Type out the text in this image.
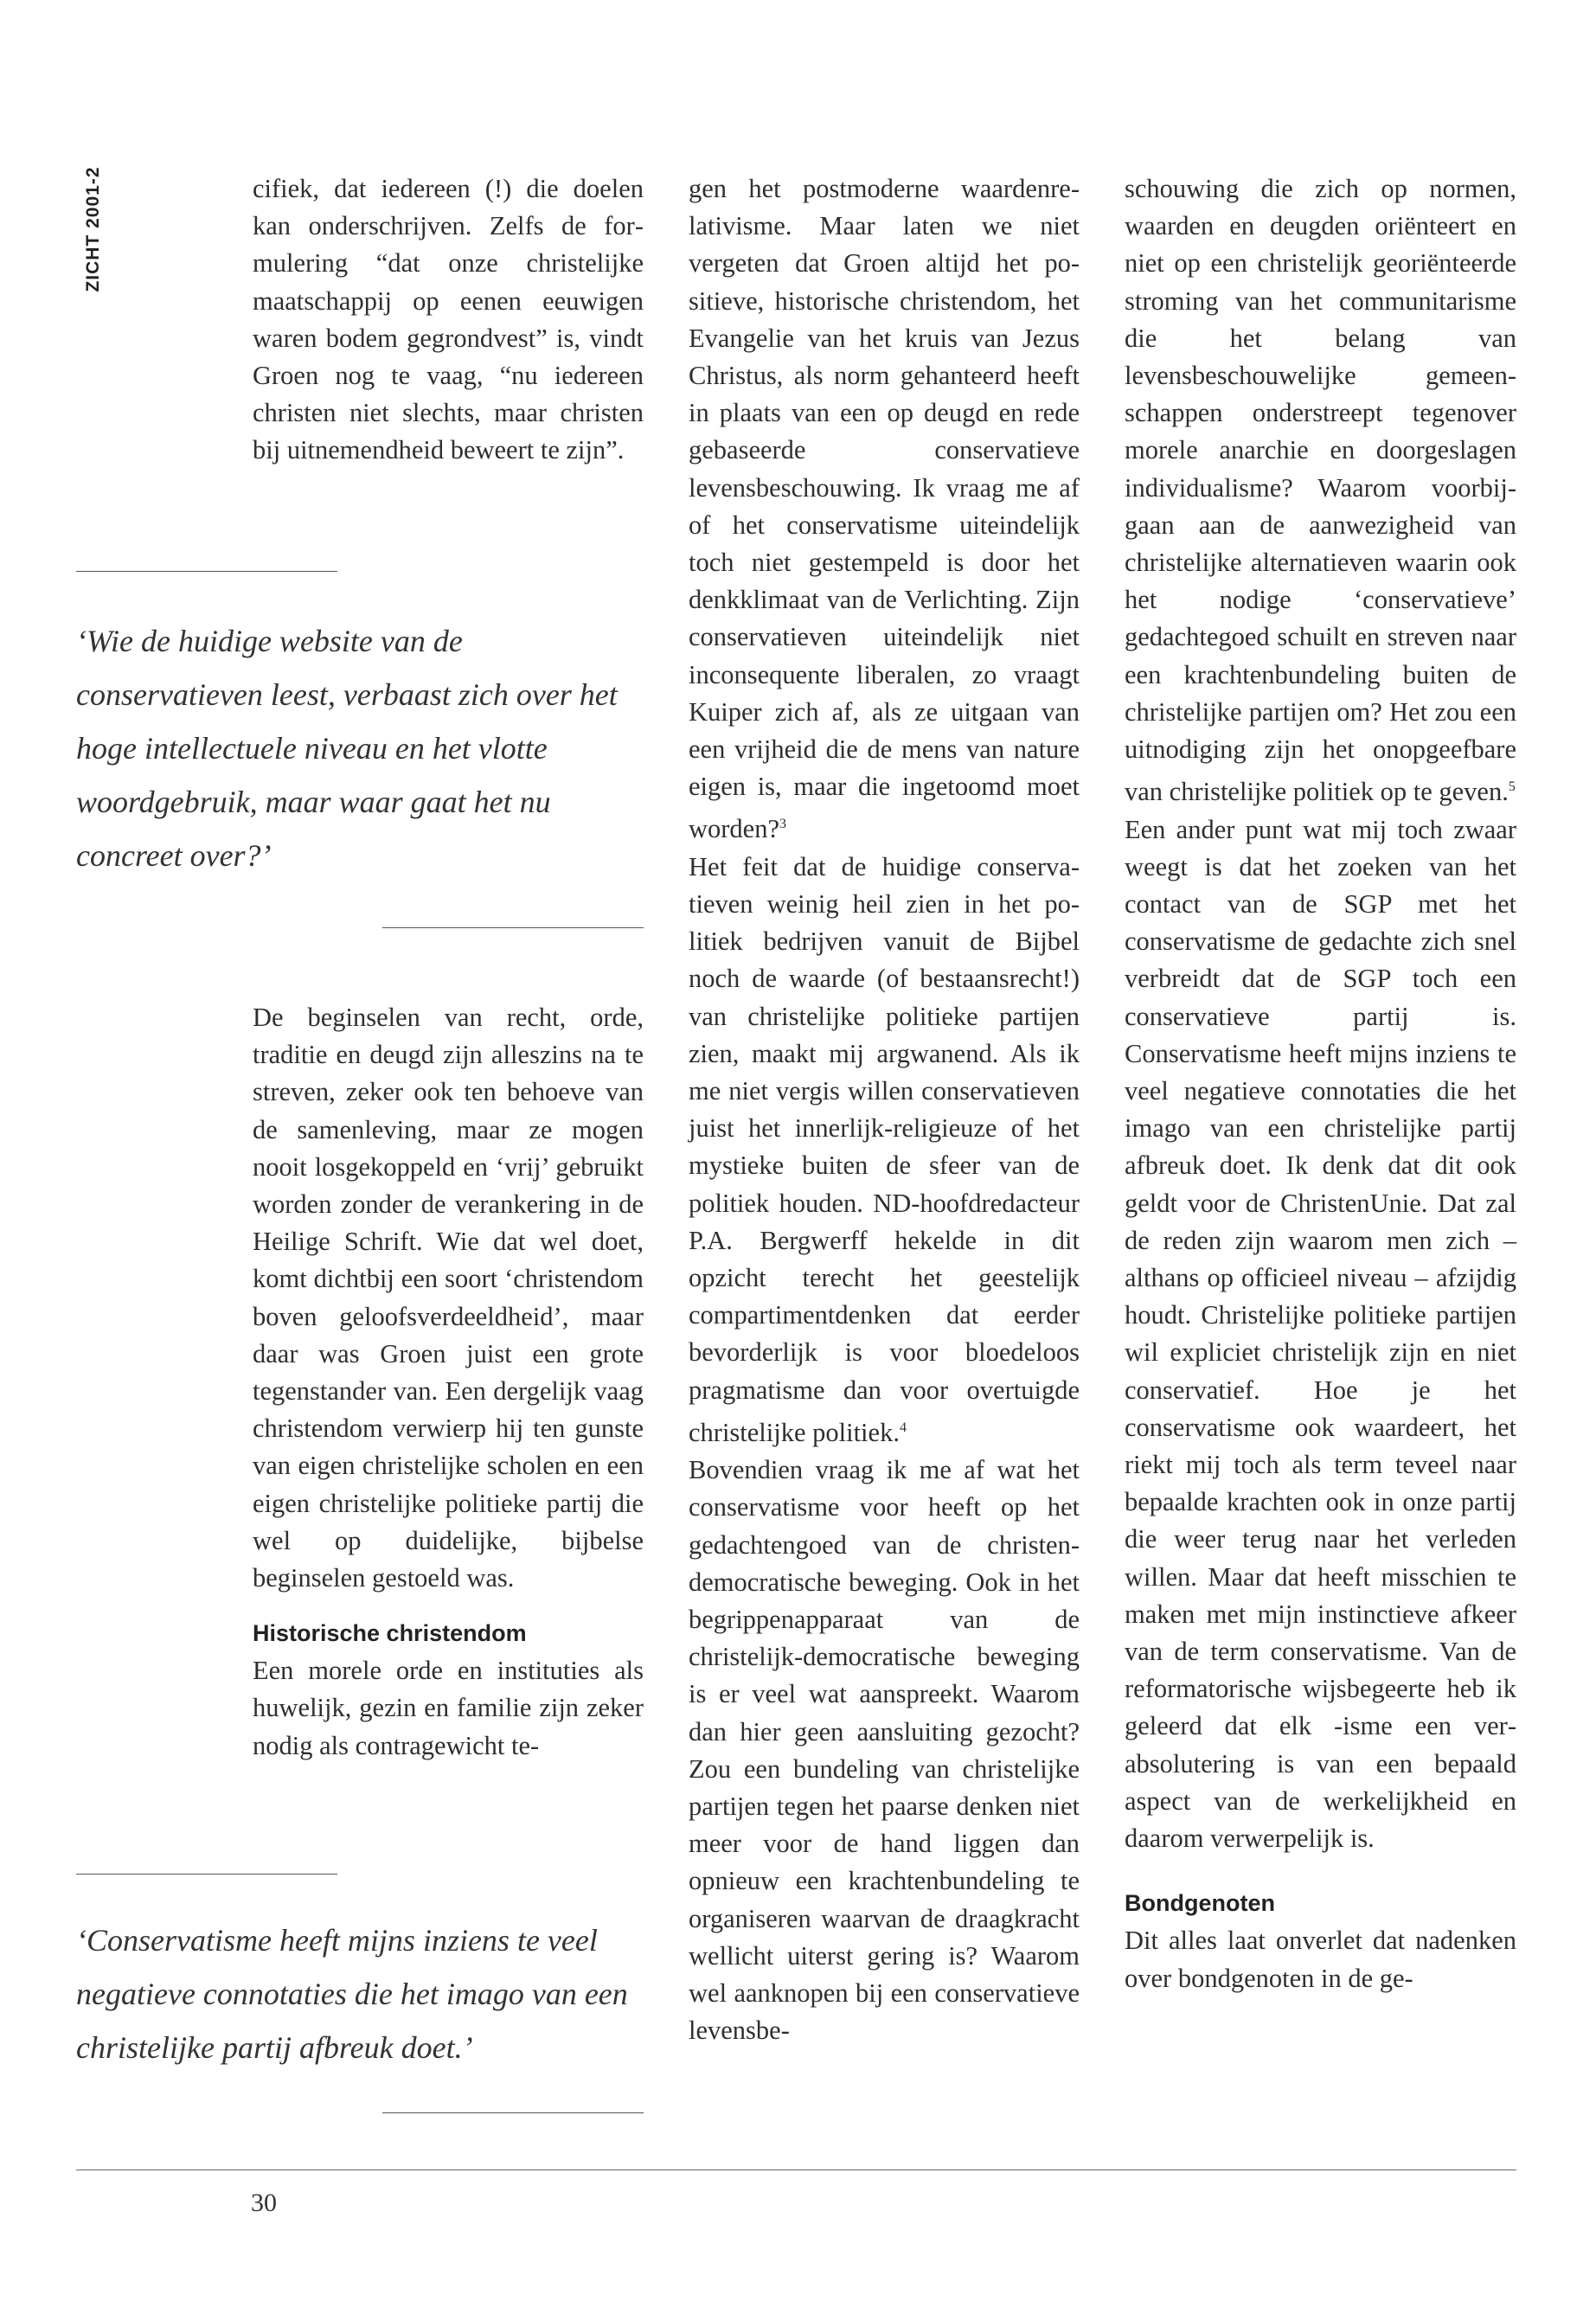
ZICHT 2001-2	cifiek, dat iedereen (!) die doelen kan onderschrijven. Zelfs de formulering “dat onze christelijke maatschappij op eenen eeuwigen waren bodem gegrondvest” is, vindt Groen nog te vaag, “nu iedereen christen niet slechts, maar christen bij uitnemendheid beweert te zijn”.

‘Wie de huidige website van de conservatieven leest, verbaast zich over het hoge intellectuele niveau en het vlotte woordgebruik, maar waar gaat het nu concreet over?’

De beginselen van recht, orde, traditie en deugd zijn alleszins na te streven, zeker ook ten behoeve van de samenleving, maar ze mogen nooit losgekoppeld en ‘vrij’ gebruikt worden zonder de verankering in de Heilige Schrift. Wie dat wel doet, komt dichtbij een soort ‘christendom boven geloofsverdeeldheid’, maar daar was Groen juist een grote tegenstander van. Een dergelijk vaag christendom verwierp hij ten gunste van eigen christelijke scholen en een eigen christelijke politieke partij die wel op duidelijke, bijbelse beginselen gestoeld was.

Historische christendom

Een morele orde en instituties als huwelijk, gezin en familie zijn zeker nodig als contragewicht te-

‘Conservatisme heeft mijns inziens te veel negatieve connotaties die het imago van een christelijke partij afbreuk doet.’

gen het postmoderne waardenrelativisme. Maar laten we niet vergeten dat Groen altijd het positieve, historische christendom, het Evangelie van het kruis van Jezus Christus, als norm gehanteerd heeft in plaats van een op deugd en rede gebaseerde conservatieve levensbeschouwing. Ik vraag me af of het conservatisme uiteindelijk toch niet gestempeld is door het denkklimaat van de Verlichting. Zijn conservatieven uiteindelijk niet inconsequente liberalen, zo vraagt Kuiper zich af, als ze uitgaan van een vrijheid die de mens van nature eigen is, maar die ingetoomd moet worden?$^3$

Het feit dat de huidige conservatieven weinig heil zien in het politiek bedrijven vanuit de Bijbel noch de waarde (of bestaansrecht!) van christelijke politieke partijen zien, maakt mij argwanend. Als ik me niet vergis willen conservatieven juist het innerlijk-religieuze of het mystieke buiten de sfeer van de politiek houden. ND-hoofdredacteur P.A. Bergwerff hekelde in dit opzicht terecht het geestelijk compartimentdenken dat eerder bevorderlijk is voor bloedeloos pragmatisme dan voor overtuigde christelijke politiek.$^4$

Bovendien vraag ik me af wat het conservatisme voor heeft op het gedachtengoed van de christen-democratische beweging. Ook in het begrippenapparaat van de christelijk-democratische beweging is er veel wat aanspreekt. Waarom dan hier geen aansluiting gezocht? Zou een bundeling van christelijke partijen tegen het paarse denken niet meer voor de hand liggen dan opnieuw een krachtenbundeling te organiseren waarvan de draagkracht wellicht uiterst gering is? Waarom wel aanknopen bij een conservatieve levensbe-

schouwing die zich op normen, waarden en deugden oriënteert en niet op een christelijk georiënteerde stroming van het communitarisme die het belang van levensbeschouwelijke gemeenschappen onderstreept tegenover morele anarchie en doorgeslagen individualisme? Waarom voorbijgaan aan de aanwezigheid van christelijke alternatieven waarin ook het nodige ‘conservatieve’ gedachtegoed schuilt en streven naar een krachtenbundeling buiten de christelijke partijen om? Het zou een uitnodiging zijn het onopgeefbare van christelijke politiek op te geven.$^5$

Een ander punt wat mij toch zwaar weegt is dat het zoeken van het contact van de SGP met het conservatisme de gedachte zich snel verbreidt dat de SGP toch een conservatieve partij is. Conservatisme heeft mijns inziens te veel negatieve connotaties die het imago van een christelijke partij afbreuk doet. Ik denk dat dit ook geldt voor de ChristenUnie. Dat zal de reden zijn waarom men zich – althans op officieel niveau – afzijdig houdt. Christelijke politieke partijen wil expliciet christelijk zijn en niet conservatief. Hoe je het conservatisme ook waardeert, het riekt mij toch als term teveel naar bepaalde krachten ook in onze partij die weer terug naar het verleden willen. Maar dat heeft misschien te maken met mijn instinctieve afkeer van de term conservatisme. Van de reformatorische wijsbegeerte heb ik geleerd dat elk -isme een verabsolutering is van een bepaald aspect van de werkelijkheid en daarom verwerpelijk is.

Bondgenoten

Dit alles laat onverlet dat nadenken over bondgenoten in de ge-

30
